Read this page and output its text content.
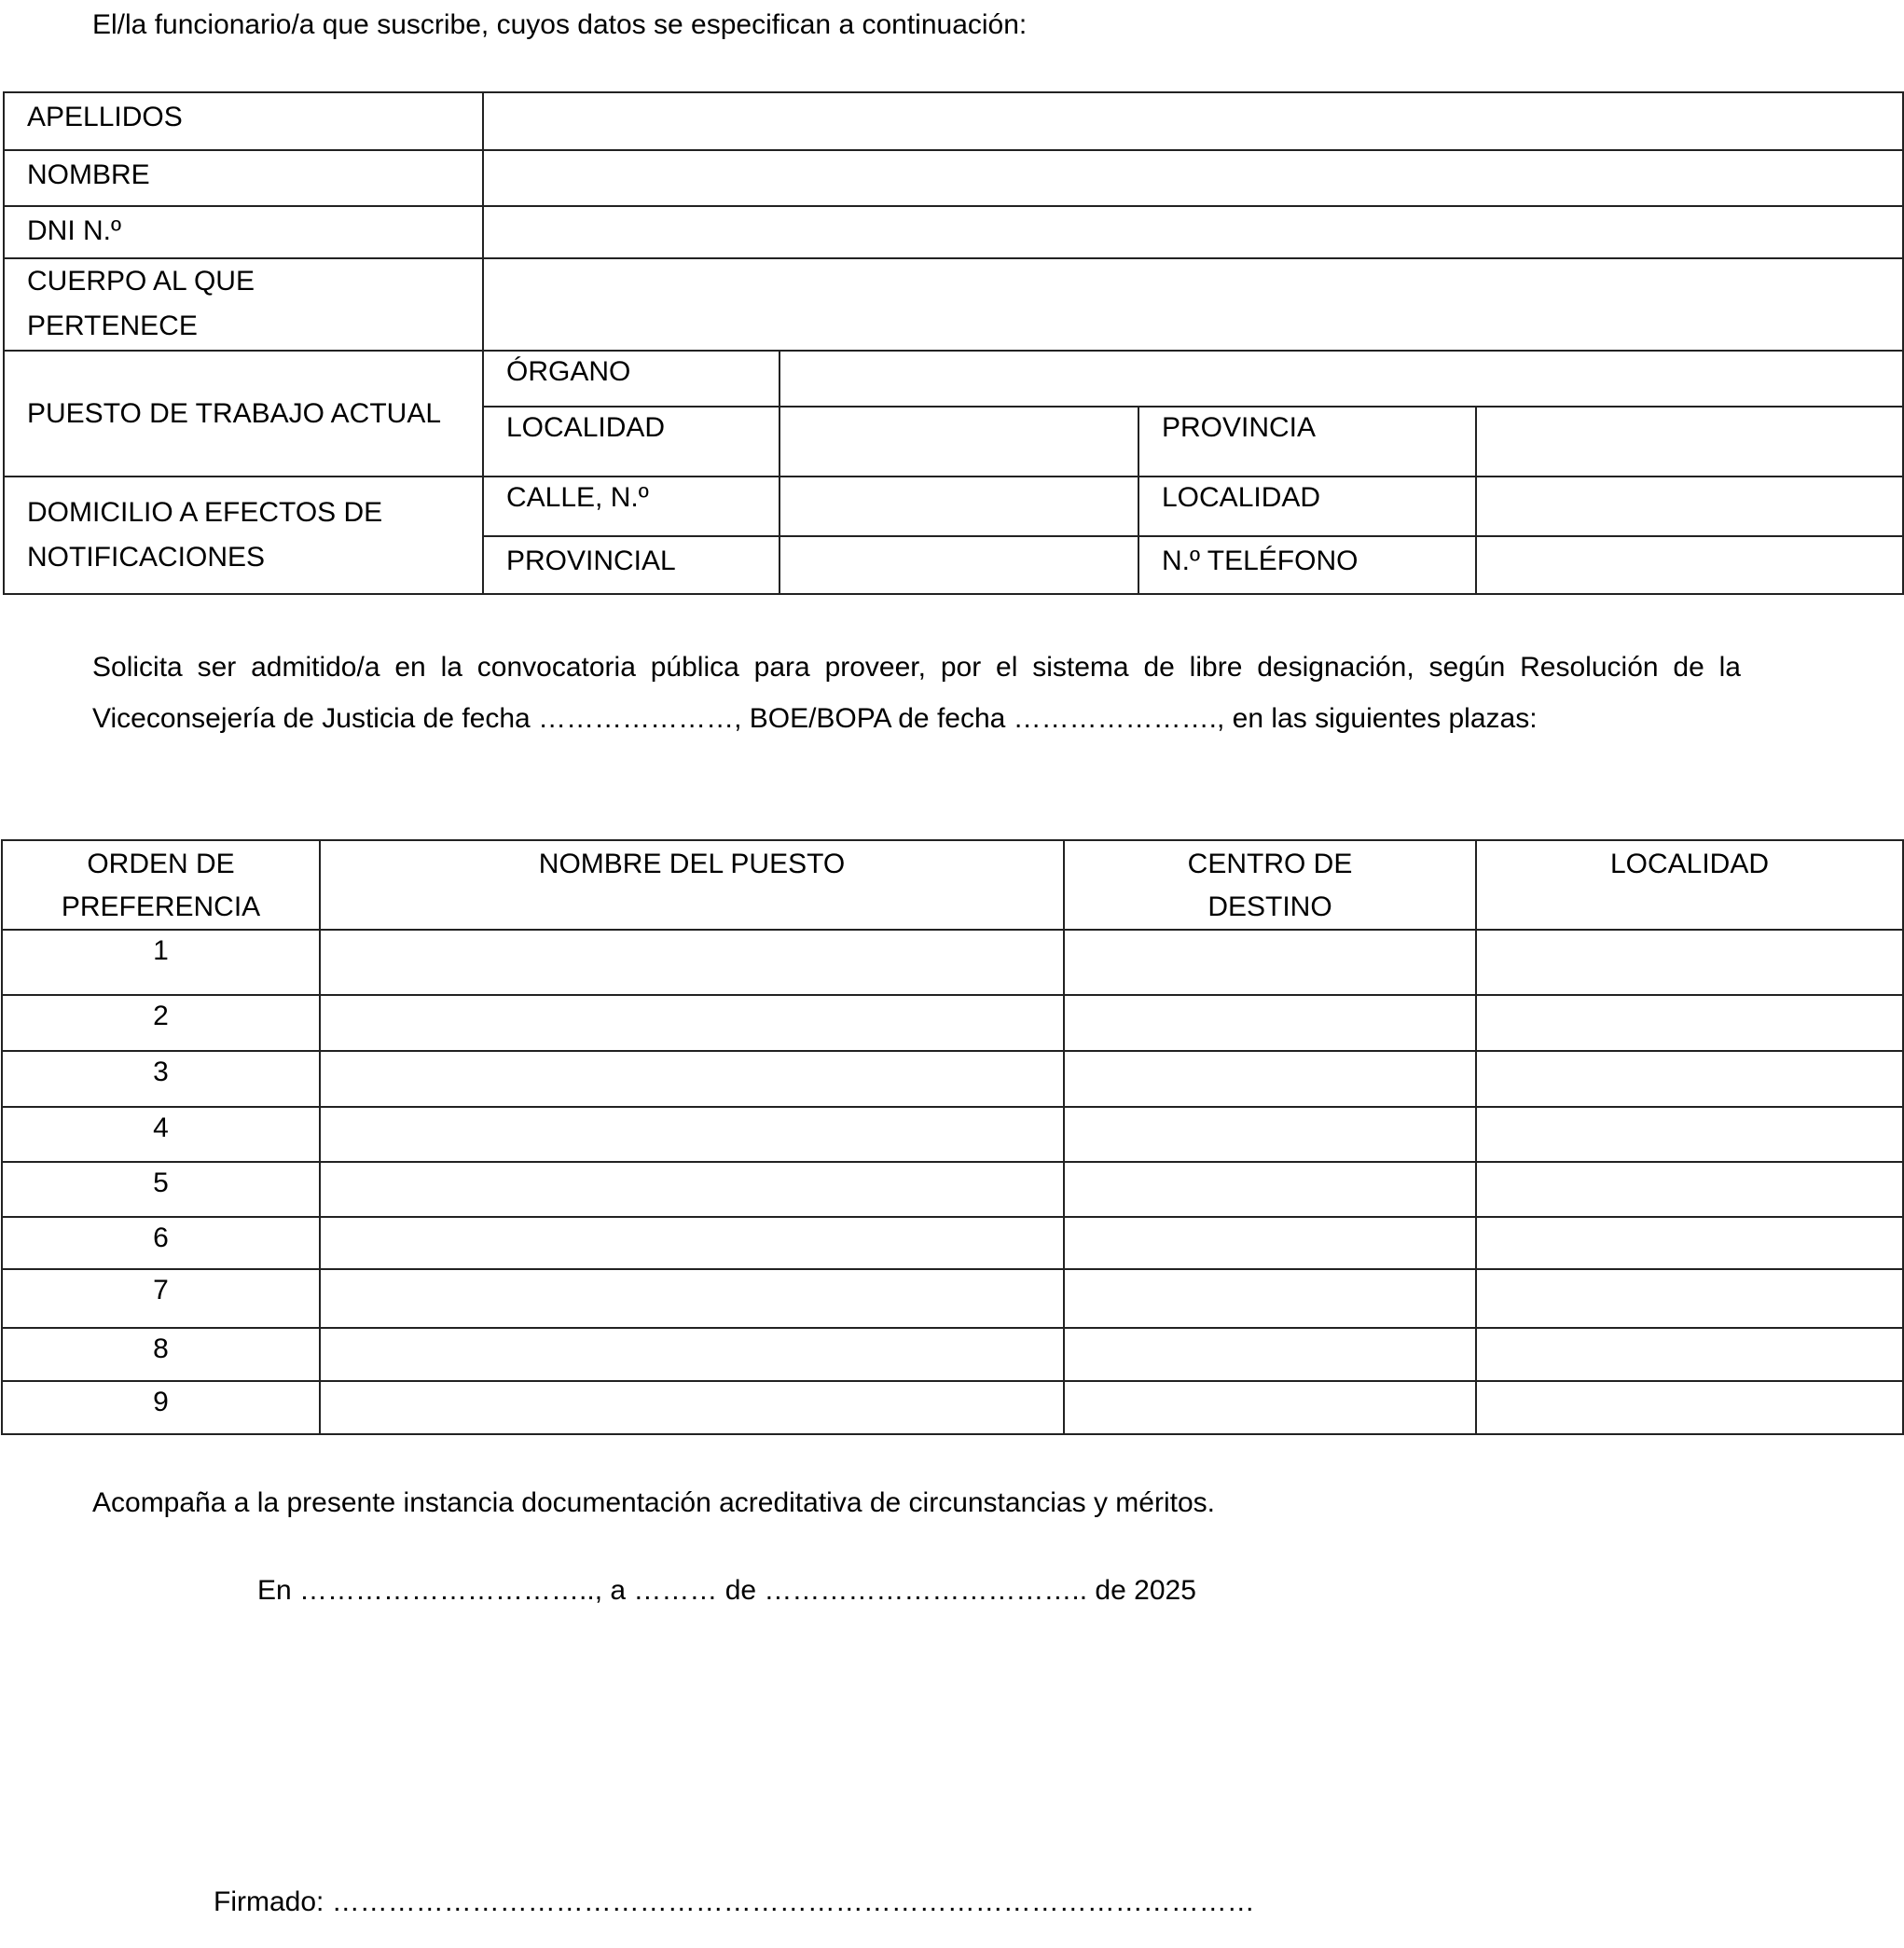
El/la funcionario/a que suscribe, cuyos datos se especifican a continuación:
APELLIDOS				
NOMBRE				
DNI N.º				
CUERPO AL QUE PERTENECE				
PUESTO DE TRABAJO ACTUAL	ÓRGANO			
	LOCALIDAD		PROVINCIA	
DOMICILIO A EFECTOS DE NOTIFICACIONES	CALLE, N.º		LOCALIDAD	
	PROVINCIAL		N.º TELÉFONO	
Solicita ser admitido/a en la convocatoria pública para proveer, por el sistema de libre designación, según Resolución de la Viceconsejería de Justicia de fecha …………………, BOE/BOPA de fecha …………………., en las siguientes plazas:
ORDEN DE PREFERENCIA	NOMBRE DEL PUESTO	CENTRO DE DESTINO	LOCALIDAD
1			
2			
3			
4			
5			
6			
7			
8			
9			
Acompaña a la presente instancia documentación acreditativa de circunstancias y méritos.
En ………………………….., a ……… de …………………………….. de 2025
Firmado: ………………………………………………………………………………………
